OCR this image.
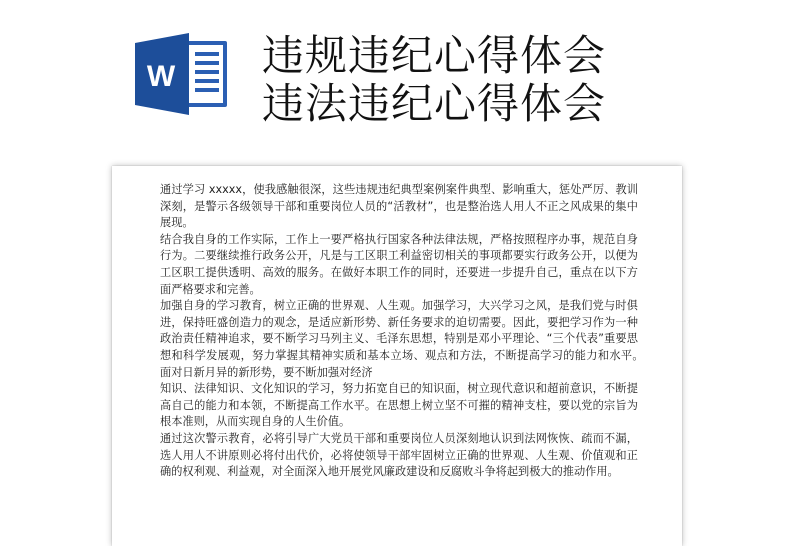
W 违规违纪心得体会
违法违纪心得体会

通过学习 xxxxx，使我感触很深，这些违规违纪典型案例案件典型、影响重大，惩处严厉、教训深刻，是警示各级领导干部和重要岗位人员的“活教材”，也是整治选人用人不正之风成果的集中展现。

结合我自身的工作实际，工作上一要严格执行国家各种法律法规，严格按照程序办事，规范自身行为。二要继续推行政务公开，凡是与工区职工利益密切相关的事项都要实行政务公开，以便为工区职工提供透明、高效的服务。在做好本职工作的同时，还要进一步提升自己，重点在以下方面严格要求和完善。

加强自身的学习教育，树立正确的世界观、人生观。加强学习，大兴学习之风，是我们党与时俱进，保持旺盛创造力的观念，是适应新形势、新任务要求的迫切需要。因此，要把学习作为一种政治责任精神追求，要不断学习马列主义、毛泽东思想，特别是邓小平理论、“三个代表”重要思想和科学发展观，努力掌握其精神实质和基本立场、观点和方法，不断提高学习的能力和水平。　面对日新月异的新形势，要不断加强对经济

知识、法律知识、文化知识的学习，努力拓宽自已的知识面，树立现代意识和超前意识，不断提高自己的能力和本领，不断提高工作水平。在思想上树立坚不可摧的精神支柱，要以党的宗旨为根本准则，从而实现自身的人生价值。

通过这次警示教育，必将引导广大党员干部和重要岗位人员深刻地认识到法网恢恢、疏而不漏，选人用人不讲原则必将付出代价，必将使领导干部牢固树立正确的世界观、人生观、价值观和正确的权利观、利益观，对全面深入地开展党风廉政建设和反腐败斗争将起到极大的推动作用。
